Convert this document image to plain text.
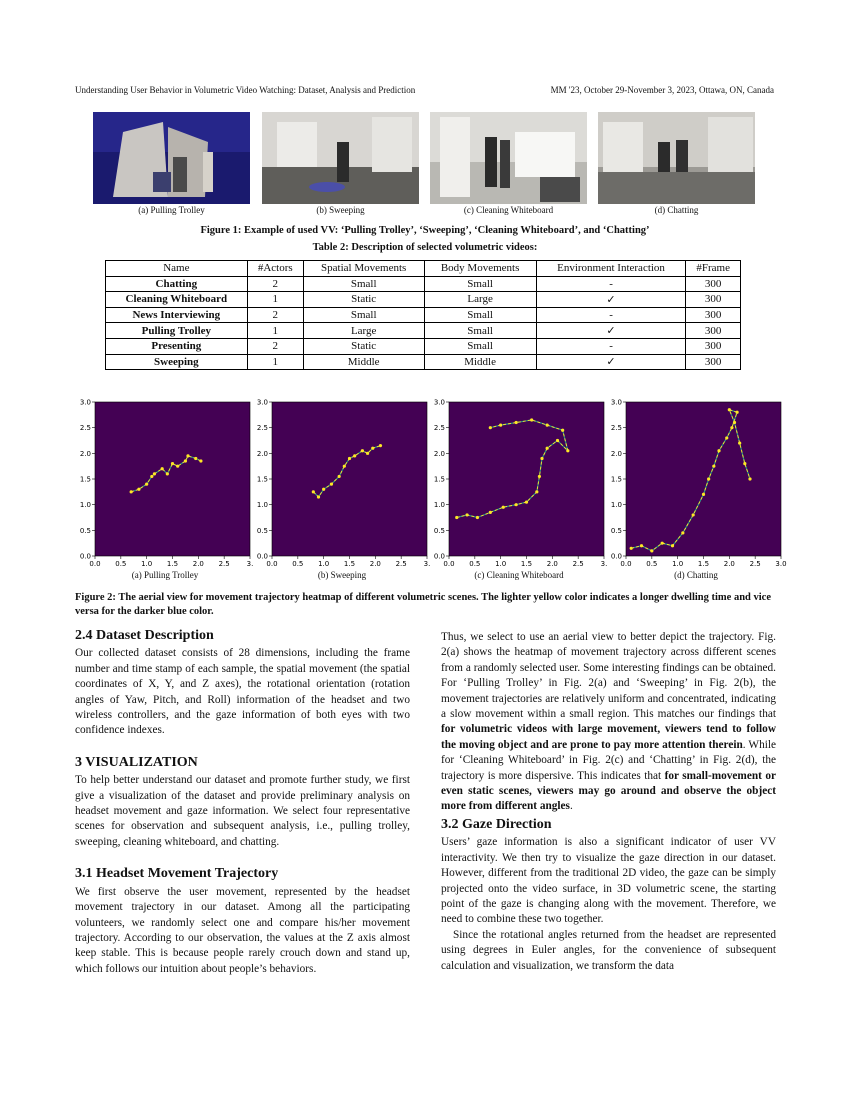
Understanding User Behavior in Volumetric Video Watching: Dataset, Analysis and Prediction	MM '23, October 29-November 3, 2023, Ottawa, ON, Canada
(a) Pulling Trolley	(b) Sweeping	(c) Cleaning Whiteboard	(d) Chatting
Figure 1: Example of used VV: ‘Pulling Trolley’, ‘Sweeping’, ‘Cleaning Whiteboard’, and ‘Chatting’
Table 2: Description of selected volumetric videos:
Name	#Actors	Spatial Movements	Body Movements	Environment Interaction	#Frame
Chatting	2	Small	Small	-	300
Cleaning Whiteboard	1	Static	Large	✓	300
News Interviewing	2	Small	Small	-	300
Pulling Trolley	1	Large	Small	✓	300
Presenting	2	Static	Small	-	300
Sweeping	1	Middle	Middle	✓	300
0.0 0.5 1.0 1.5 2.0 2.5 3.
0.0
0.5
1.0
1.5
2.0
2.5
3.0
0.0 0.5 1.0 1.5 2.0 2.5 3.
0.0
0.5
1.0
1.5
2.0
2.5
3.0
0.0 0.5 1.0 1.5 2.0 2.5 3.
0.0
0.5
1.0
1.5
2.0
2.5
3.0
0.0 0.5 1.0 1.5 2.0 2.5 3.0
0.0
0.5
1.0
1.5
2.0
2.5
3.0
(a) Pulling Trolley	(b) Sweeping	(c) Cleaning Whiteboard	(d) Chatting
Figure 2: The aerial view for movement trajectory heatmap of different volumetric scenes. The lighter yellow color indicates a longer dwelling time and vice versa for the darker blue color.
2.4 Dataset Description

Our collected dataset consists of 28 dimensions, including the frame number and time stamp of each sample, the spatial movement (the spatial coordinates of X, Y, and Z axes), the rotational orientation (rotation angles of Yaw, Pitch, and Roll) information of the headset and two wireless controllers, and the gaze information of both eyes with two confidence indexes.

3 VISUALIZATION

To help better understand our dataset and promote further study, we first give a visualization of the dataset and provide preliminary analysis on headset movement and gaze information. We select four representative scenes for observation and subsequent analysis, i.e., pulling trolley, sweeping, cleaning whiteboard, and chatting.

3.1 Headset Movement Trajectory

We first observe the user movement, represented by the headset movement trajectory in our dataset. Among all the participating volunteers, we randomly select one and compare his/her movement trajectory. According to our observation, the values at the Z axis almost keep stable. This is because people rarely crouch down and stand up, which follows our intuition about people’s behaviors.

Thus, we select to use an aerial view to better depict the trajectory. Fig. 2(a) shows the heatmap of movement trajectory across different scenes from a randomly selected user. Some interesting findings can be obtained. For ‘Pulling Trolley’ in Fig. 2(a) and ‘Sweeping’ in Fig. 2(b), the movement trajectories are relatively uniform and concentrated, indicating a slow movement within a small region. This matches our findings that for volumetric videos with large movement, viewers tend to follow the moving object and are prone to pay more attention therein. While for ‘Cleaning Whiteboard’ in Fig. 2(c) and ‘Chatting’ in Fig. 2(d), the trajectory is more dispersive. This indicates that for small-movement or even static scenes, viewers may go around and observe the object more from different angles.

3.2 Gaze Direction

Users’ gaze information is also a significant indicator of user VV interactivity. We then try to visualize the gaze direction in our dataset. However, different from the traditional 2D video, the gaze can be simply projected onto the video surface, in 3D volumetric scene, the starting point of the gaze is changing along with the movement. Therefore, we need to combine these two together.

Since the rotational angles returned from the headset are represented using degrees in Euler angles, for the convenience of subsequent calculation and visualization, we transform the data
